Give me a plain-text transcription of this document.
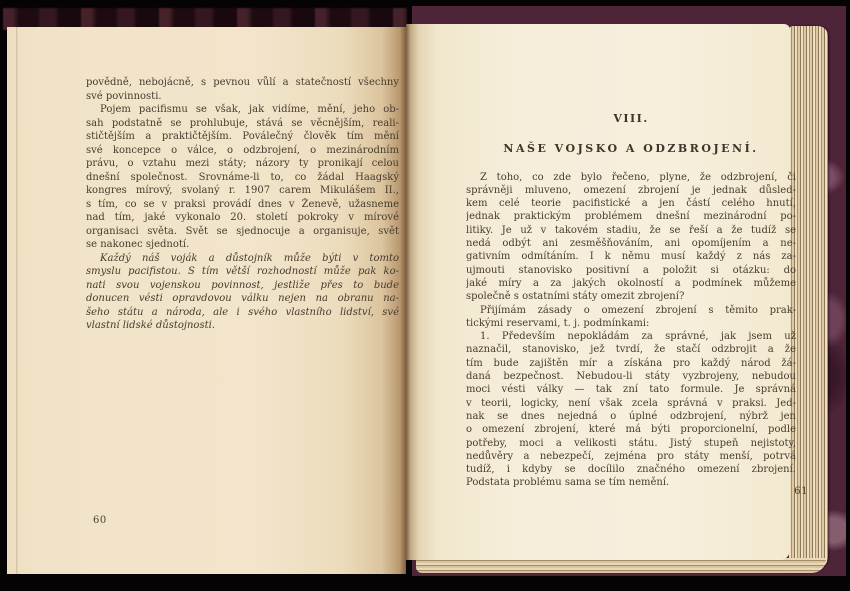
povědně, nebojácně, s pevnou vůlí a statečností všechny
své povinnosti.
Pojem pacifismu se však, jak vidíme, mění, jeho ob-
sah podstatně se prohlubuje, stává se věcnějším, reali-
stičtějším a praktičtějším. Poválečný člověk tím mění
své koncepce o válce, o odzbrojení, o mezinárodním
právu, o vztahu mezi státy; názory ty pronikají celou
dnešní společnost. Srovnáme-li to, co žádal Haagský
kongres mírový, svolaný r. 1907 carem Mikulášem II.,
s tím, co se v praksi provádí dnes v Ženevě, užasneme
nad tím, jaké vykonalo 20. století pokroky v mírové
organisaci světa. Svět se sjednocuje a organisuje, svět
se nakonec sjednotí.
Každý náš voják a důstojník může býti v tomto
smyslu pacifistou. S tím větší rozhodností může pak ko-
nati svou vojenskou povinnost, jestliže přes to bude
donucen vésti opravdovou válku nejen na obranu na-
šeho státu a národa, ale i svého vlastního lidství, své
vlastní lidské důstojnosti.
60
VIII.
NAŠE VOJSKO A ODZBROJENÍ.
Z toho, co zde bylo řečeno, plyne, že odzbrojení, či
správněji mluveno, omezení zbrojení je jednak důsled-
kem celé teorie pacifistické a jen částí celého hnutí,
jednak praktickým problémem dnešní mezinárodní po-
litiky. Je už v takovém stadiu, že se řeší a že tudíž se
nedá odbýt ani zesměšňováním, ani opomíjením a ne-
gativním odmítáním. I k němu musí každý z nás za-
ujmouti stanovisko positivní a položit si otázku: do
jaké míry a za jakých okolností a podmínek můžeme
společně s ostatními státy omezit zbrojení?
Přijímám zásady o omezení zbrojení s těmito prak-
tickými reservami, t. j. podmínkami:
1. Především nepokládám za správné, jak jsem už
naznačil, stanovisko, jež tvrdí, že stačí odzbrojit a že
tím bude zajištěn mír a získána pro každý národ žá-
daná bezpečnost. Nebudou-li státy vyzbrojeny, nebudou
moci vésti války — tak zní tato formule. Je správná
v teorii, logicky, není však zcela správná v praksi. Jed-
nak se dnes nejedná o úplné odzbrojení, nýbrž jen
o omezení zbrojení, které má býti proporcionelní, podle
potřeby, moci a velikosti státu. Jistý stupeň nejistoty,
nedůvěry a nebezpečí, zejména pro státy menší, potrvá
tudíž, i kdyby se docílilo značného omezení zbrojení.
Podstata problému sama se tím nemění.
61
